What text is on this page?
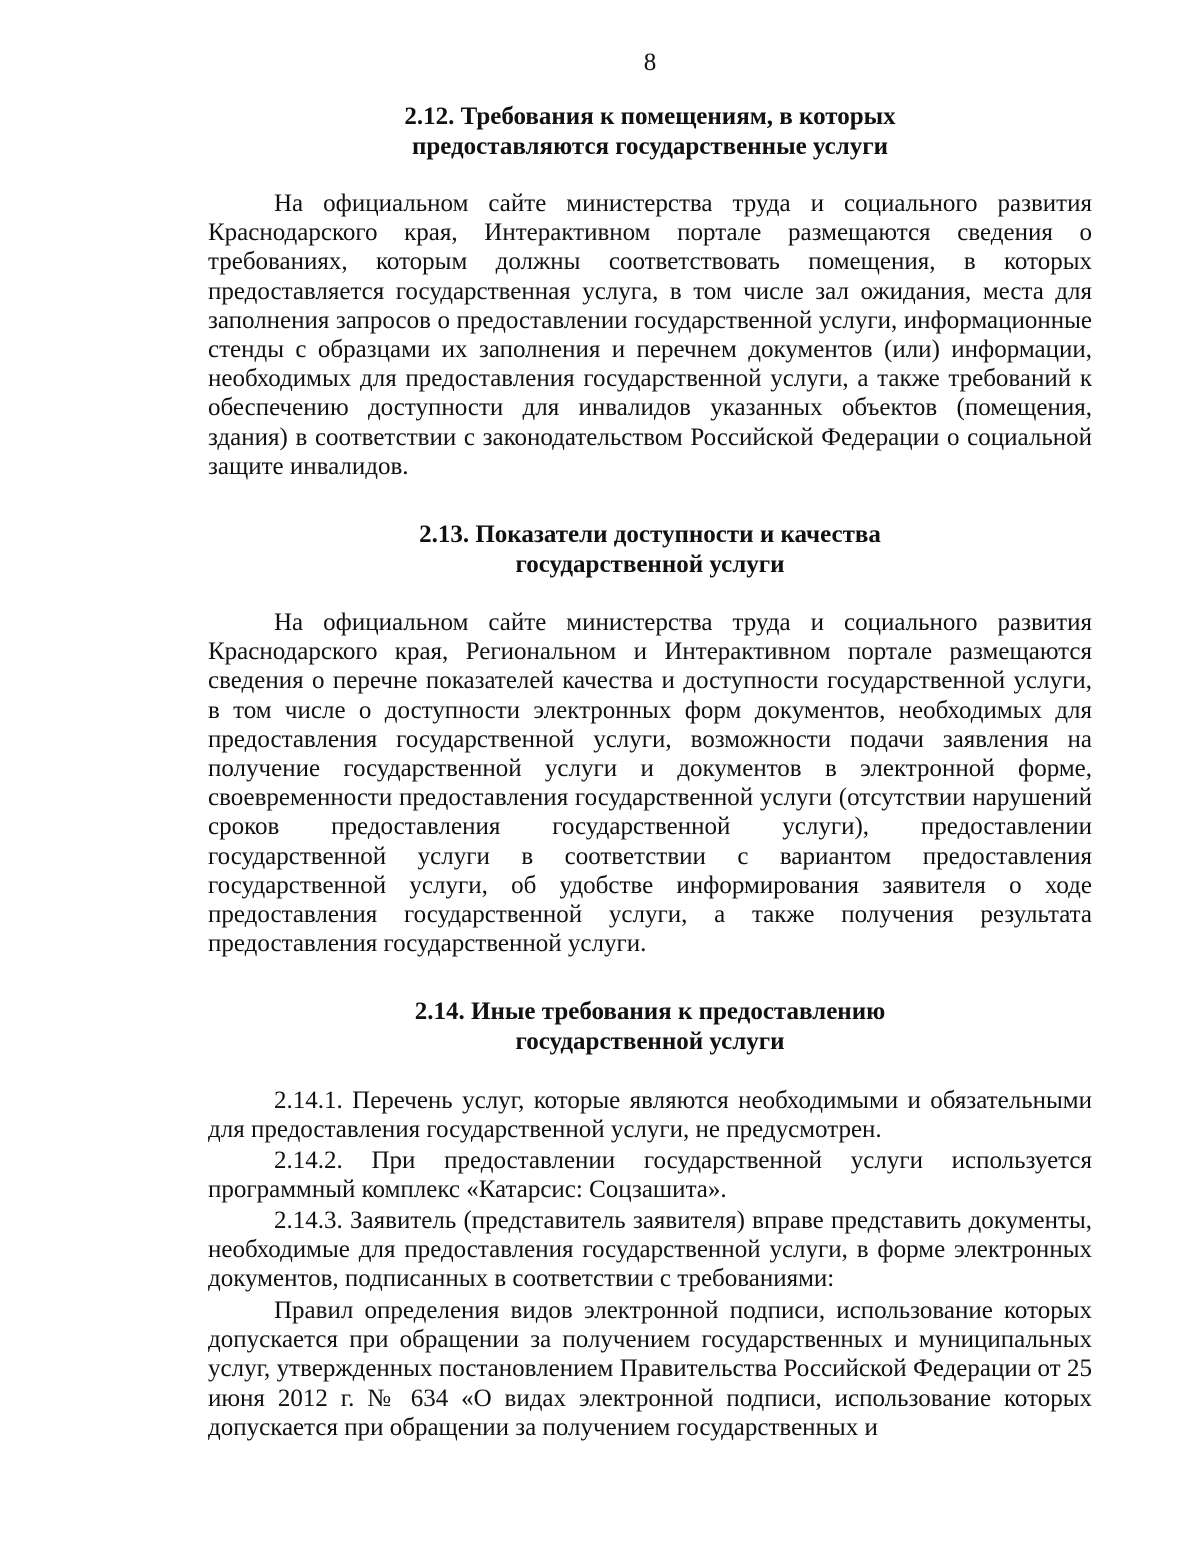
8
2.12. Требования к помещениям, в которых
предоставляются государственные услуги

На официальном сайте министерства труда и социального развития Краснодарского края, Интерактивном портале размещаются сведения о требованиях, которым должны соответствовать помещения, в которых предоставляется государственная услуга, в том числе зал ожидания, места для заполнения запросов о предоставлении государственной услуги, информационные стенды с образцами их заполнения и перечнем документов (или) информации, необходимых для предоставления государственной услуги, а также требований к обеспечению доступности для инвалидов указанных объектов (помещения, здания) в соответствии с законодательством Российской Федерации о социальной защите инвалидов.

2.13. Показатели доступности и качества
государственной услуги

На официальном сайте министерства труда и социального развития Краснодарского края, Региональном и Интерактивном портале размещаются сведения о перечне показателей качества и доступности государственной услуги, в том числе о доступности электронных форм документов, необходимых для предоставления государственной услуги, возможности подачи заявления на получение государственной услуги и документов в электронной форме, своевременности предоставления государственной услуги (отсутствии нарушений сроков предоставления государственной услуги), предоставлении государственной услуги в соответствии с вариантом предоставления государственной услуги, об удобстве информирования заявителя о ходе предоставления государственной услуги, а также получения результата предоставления государственной услуги.

2.14. Иные требования к предоставлению
государственной услуги

2.14.1. Перечень услуг, которые являются необходимыми и обязательными для предоставления государственной услуги, не предусмотрен.

2.14.2. При предоставлении государственной услуги используется программный комплекс «Катарсис: Соцзашита».

2.14.3. Заявитель (представитель заявителя) вправе представить документы, необходимые для предоставления государственной услуги, в форме электронных документов, подписанных в соответствии с требованиями:

Правил определения видов электронной подписи, использование которых допускается при обращении за получением государственных и муниципальных услуг, утвержденных постановлением Правительства Российской Федерации от 25 июня 2012 г. № 634 «О видах электронной подписи, использование которых допускается при обращении за получением государственных и
